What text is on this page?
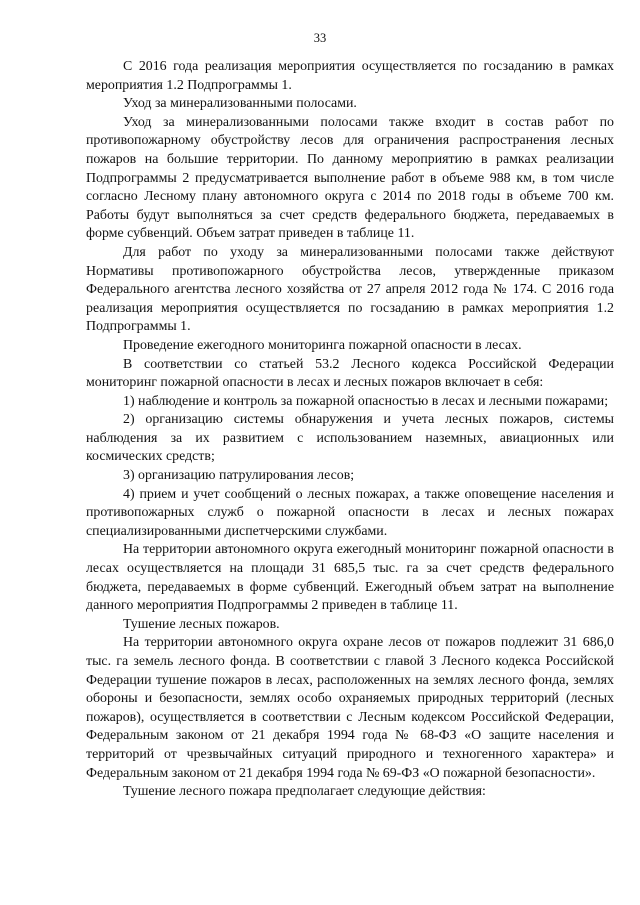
33

С 2016 года реализация мероприятия осуществляется по госзаданию в рамках мероприятия 1.2 Подпрограммы 1.

Уход за минерализованными полосами.

Уход за минерализованными полосами также входит в состав работ по противопожарному обустройству лесов для ограничения распространения лесных пожаров на большие территории. По данному мероприятию в рамках реализации Подпрограммы 2 предусматривается выполнение работ в объеме 988 км, в том числе согласно Лесному плану автономного округа с 2014 по 2018 годы в объеме 700 км. Работы будут выполняться за счет средств федерального бюджета, передаваемых в форме субвенций. Объем затрат приведен в таблице 11.

Для работ по уходу за минерализованными полосами также действуют Нормативы противопожарного обустройства лесов, утвержденные приказом Федерального агентства лесного хозяйства от 27 апреля 2012 года № 174. С 2016 года реализация мероприятия осуществляется по госзаданию в рамках мероприятия 1.2 Подпрограммы 1.

Проведение ежегодного мониторинга пожарной опасности в лесах.

В соответствии со статьей 53.2 Лесного кодекса Российской Федерации мониторинг пожарной опасности в лесах и лесных пожаров включает в себя:

1) наблюдение и контроль за пожарной опасностью в лесах и лесными пожарами;

2) организацию системы обнаружения и учета лесных пожаров, системы наблюдения за их развитием с использованием наземных, авиационных или космических средств;

3) организацию патрулирования лесов;

4) прием и учет сообщений о лесных пожарах, а также оповещение населения и противопожарных служб о пожарной опасности в лесах и лесных пожарах специализированными диспетчерскими службами.

На территории автономного округа ежегодный мониторинг пожарной опасности в лесах осуществляется на площади 31 685,5 тыс. га за счет средств федерального бюджета, передаваемых в форме субвенций. Ежегодный объем затрат на выполнение данного мероприятия Подпрограммы 2 приведен в таблице 11.

Тушение лесных пожаров.

На территории автономного округа охране лесов от пожаров подлежит 31 686,0 тыс. га земель лесного фонда. В соответствии с главой 3 Лесного кодекса Российской Федерации тушение пожаров в лесах, расположенных на землях лесного фонда, землях обороны и безопасности, землях особо охраняемых природных территорий (лесных пожаров), осуществляется в соответствии с Лесным кодексом Российской Федерации, Федеральным законом от 21 декабря 1994 года № 68-ФЗ «О защите населения и территорий от чрезвычайных ситуаций природного и техногенного характера» и Федеральным законом от 21 декабря 1994 года № 69-ФЗ «О пожарной безопасности».

Тушение лесного пожара предполагает следующие действия:
